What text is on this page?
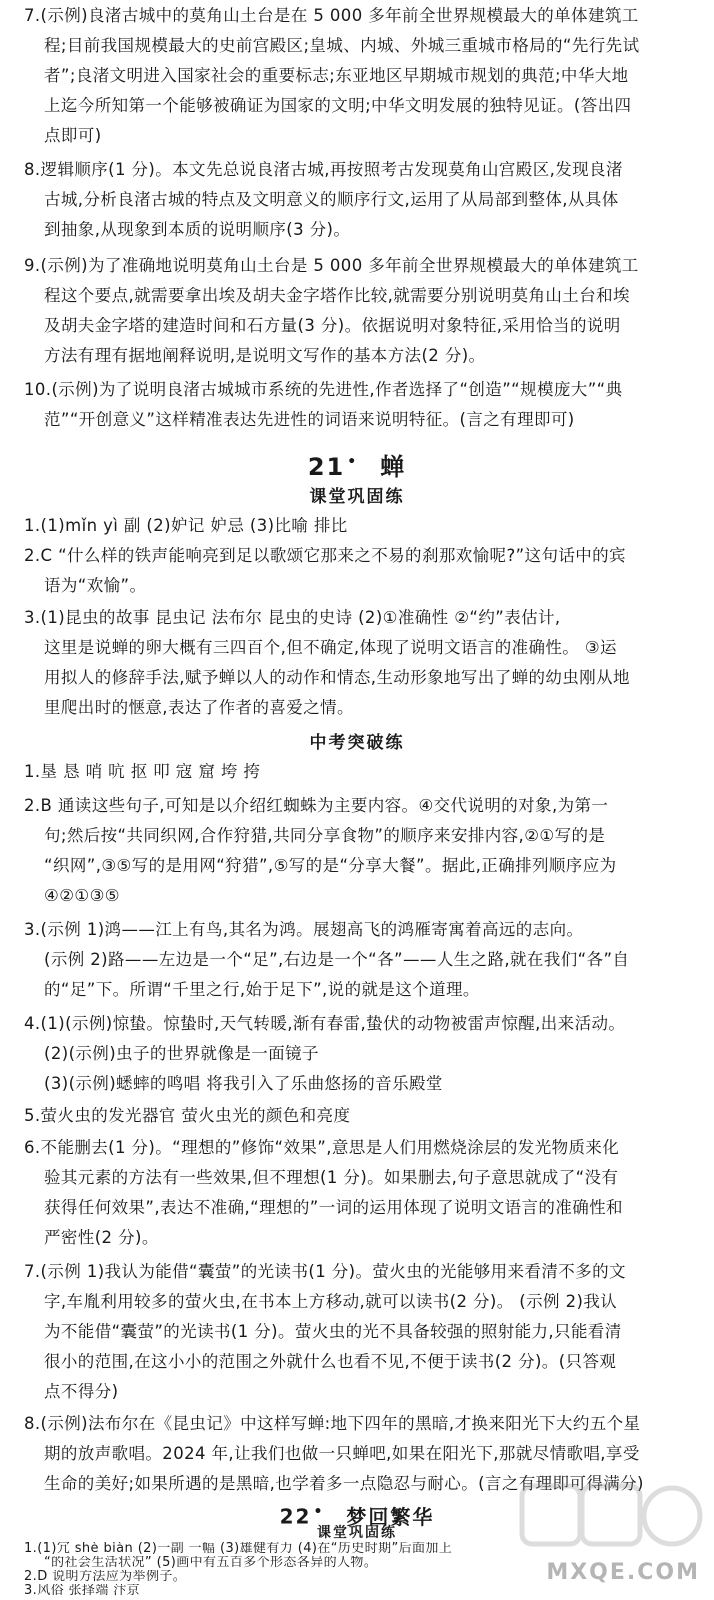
7.(示例)良渚古城中的莫角山土台是在 5 000 多年前全世界规模最大的单体建筑工
程;目前我国规模最大的史前宫殿区;皇城、内城、外城三重城市格局的“先行先试
者”;良渚文明进入国家社会的重要标志;东亚地区早期城市规划的典范;中华大地
上迄今所知第一个能够被确证为国家的文明;中华文明发展的独特见证。(答出四
点即可)
8.逻辑顺序(1 分)。本文先总说良渚古城,再按照考古发现莫角山宫殿区,发现良渚
古城,分析良渚古城的特点及文明意义的顺序行文,运用了从局部到整体,从具体
到抽象,从现象到本质的说明顺序(3 分)。
9.(示例)为了准确地说明莫角山土台是 5 000 多年前全世界规模最大的单体建筑工
程这个要点,就需要拿出埃及胡夫金字塔作比较,就需要分别说明莫角山土台和埃
及胡夫金字塔的建造时间和石方量(3 分)。依据说明对象特征,采用恰当的说明
方法有理有据地阐释说明,是说明文写作的基本方法(2 分)。
10.(示例)为了说明良渚古城城市系统的先进性,作者选择了“创造”“规模庞大”“典
范”“开创意义”这样精准表达先进性的词语来说明特征。(言之有理即可)
21 • 蝉
课堂巩固练
1.(1)mǐn yì 副 (2)妒记 妒忌 (3)比喻 排比
2.C “什么样的铁声能响亮到足以歌颂它那来之不易的刹那欢愉呢?”这句话中的宾
语为“欢愉”。
3.(1)昆虫的故事 昆虫记 法布尔 昆虫的史诗 (2)①准确性 ②“约”表估计,
这里是说蝉的卵大概有三四百个,但不确定,体现了说明文语言的准确性。 ③运
用拟人的修辞手法,赋予蝉以人的动作和情态,生动形象地写出了蝉的幼虫刚从地
里爬出时的惬意,表达了作者的喜爱之情。
中考突破练
1.垦 恳 哨 吭 抠 叩 寇 窟 垮 挎
2.B 通读这些句子,可知是以介绍红蜘蛛为主要内容。④交代说明的对象,为第一
句;然后按“共同织网,合作狩猎,共同分享食物”的顺序来安排内容,②①写的是
“织网”,③⑤写的是用网“狩猎”,⑤写的是“分享大餐”。据此,正确排列顺序应为
④②①③⑤
3.(示例 1)鸿——江上有鸟,其名为鸿。展翅高飞的鸿雁寄寓着高远的志向。
(示例 2)路——左边是一个“足”,右边是一个“各”——人生之路,就在我们“各”自
的“足”下。所谓“千里之行,始于足下”,说的就是这个道理。
4.(1)(示例)惊蛰。惊蛰时,天气转暖,渐有春雷,蛰伏的动物被雷声惊醒,出来活动。
(2)(示例)虫子的世界就像是一面镜子
(3)(示例)蟋蟀的鸣唱 将我引入了乐曲悠扬的音乐殿堂
5.萤火虫的发光器官 萤火虫光的颜色和亮度
6.不能删去(1 分)。“理想的”修饰“效果”,意思是人们用燃烧涂层的发光物质来化
验其元素的方法有一些效果,但不理想(1 分)。如果删去,句子意思就成了“没有
获得任何效果”,表达不准确,“理想的”一词的运用体现了说明文语言的准确性和
严密性(2 分)。
7.(示例 1)我认为能借“囊萤”的光读书(1 分)。萤火虫的光能够用来看清不多的文
字,车胤利用较多的萤火虫,在书本上方移动,就可以读书(2 分)。 (示例 2)我认
为不能借“囊萤”的光读书(1 分)。萤火虫的光不具备较强的照射能力,只能看清
很小的范围,在这小小的范围之外就什么也看不见,不便于读书(2 分)。(只答观
点不得分)
8.(示例)法布尔在《昆虫记》中这样写蝉:地下四年的黑暗,才换来阳光下大约五个星
期的放声歌唱。2024 年,让我们也做一只蝉吧,如果在阳光下,那就尽情歌唱,享受
生命的美好;如果所遇的是黑暗,也学着多一点隐忍与耐心。(言之有理即可得满分)
22 • 梦回繁华
课堂巩固练
1.(1)冗 shè biàn (2)一副 一幅 (3)雄健有力 (4)在“历史时期”后面加上
“的社会生活状况” (5)画中有五百多个形态各异的人物。
2.D 说明方法应为举例子。
3.风俗 张择端 汴京
MXQE.COM
